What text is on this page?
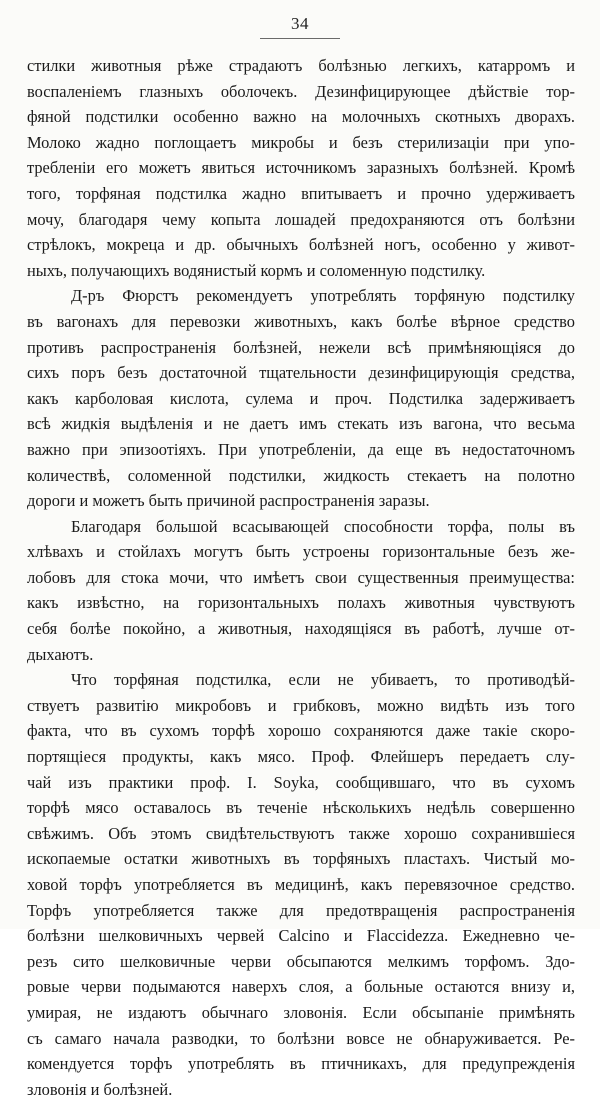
34
стилки животныя рѣже страдаютъ болѣзнью легкихъ, катарромъ и
воспаленіемъ глазныхъ оболочекъ. Дезинфицирующее дѣйствіе тор-
фяной подстилки особенно важно на молочныхъ скотныхъ дворахъ.
Молоко жадно поглощаетъ микробы и безъ стерилизаціи при упо-
требленіи его можетъ явиться источникомъ заразныхъ болѣзней. Кромѣ
того, торфяная подстилка жадно впитываетъ и прочно удерживаетъ
мочу, благодаря чему копыта лошадей предохраняются отъ болѣзни
стрѣлокъ, мокреца и др. обычныхъ болѣзней ногъ, особенно у живот-
ныхъ, получающихъ водянистый кормъ и соломенную подстилку.
Д-ръ Фюрстъ рекомендуетъ употреблять торфяную подстилку
въ вагонахъ для перевозки животныхъ, какъ болѣе вѣрное средство
противъ распространенія болѣзней, нежели всѣ примѣняющіяся до
сихъ поръ безъ достаточной тщательности дезинфицирующія средства,
какъ карболовая кислота, сулема и проч. Подстилка задерживаетъ
всѣ жидкія выдѣленія и не даетъ имъ стекать изъ вагона, что весьма
важно при эпизоотіяхъ. При употребленіи, да еще въ недостаточномъ
количествѣ, соломенной подстилки, жидкость стекаетъ на полотно
дороги и можетъ быть причиной распространенія заразы.
Благодаря большой всасывающей способности торфа, полы въ
хлѣвахъ и стойлахъ могутъ быть устроены горизонтальные безъ же-
лобовъ для стока мочи, что имѣетъ свои существенныя преимущества:
какъ извѣстно, на горизонтальныхъ полахъ животныя чувствуютъ
себя болѣе покойно, а животныя, находящіяся въ работѣ, лучше от-
дыхаютъ.
Что торфяная подстилка, если не убиваетъ, то противодѣй-
ствуетъ развитію микробовъ и грибковъ, можно видѣть изъ того
факта, что въ сухомъ торфѣ хорошо сохраняются даже такіе скоро-
портящіеся продукты, какъ мясо. Проф. Флейшеръ передаетъ слу-
чай изъ практики проф. I. Soyka, сообщившаго, что въ сухомъ
торфѣ мясо оставалось въ теченіе нѣсколькихъ недѣль совершенно
свѣжимъ. Объ этомъ свидѣтельствуютъ также хорошо сохранившіеся
ископаемые остатки животныхъ въ торфяныхъ пластахъ. Чистый мо-
ховой торфъ употребляется въ медицинѣ, какъ перевязочное средство.
Торфъ употребляется также для предотвращенія распространенія
болѣзни шелковичныхъ червей Calcino и Flaccidezza. Ежедневно че-
резъ сито шелковичные черви обсыпаются мелкимъ торфомъ. Здо-
ровые черви подымаются наверхъ слоя, а больные остаются внизу и,
умирая, не издаютъ обычнаго зловонія. Если обсыпаніе примѣнять
съ самаго начала разводки, то болѣзни вовсе не обнаруживается. Ре-
комендуется торфъ употреблять въ птичникахъ, для предупрежденія
зловонія и болѣзней.
